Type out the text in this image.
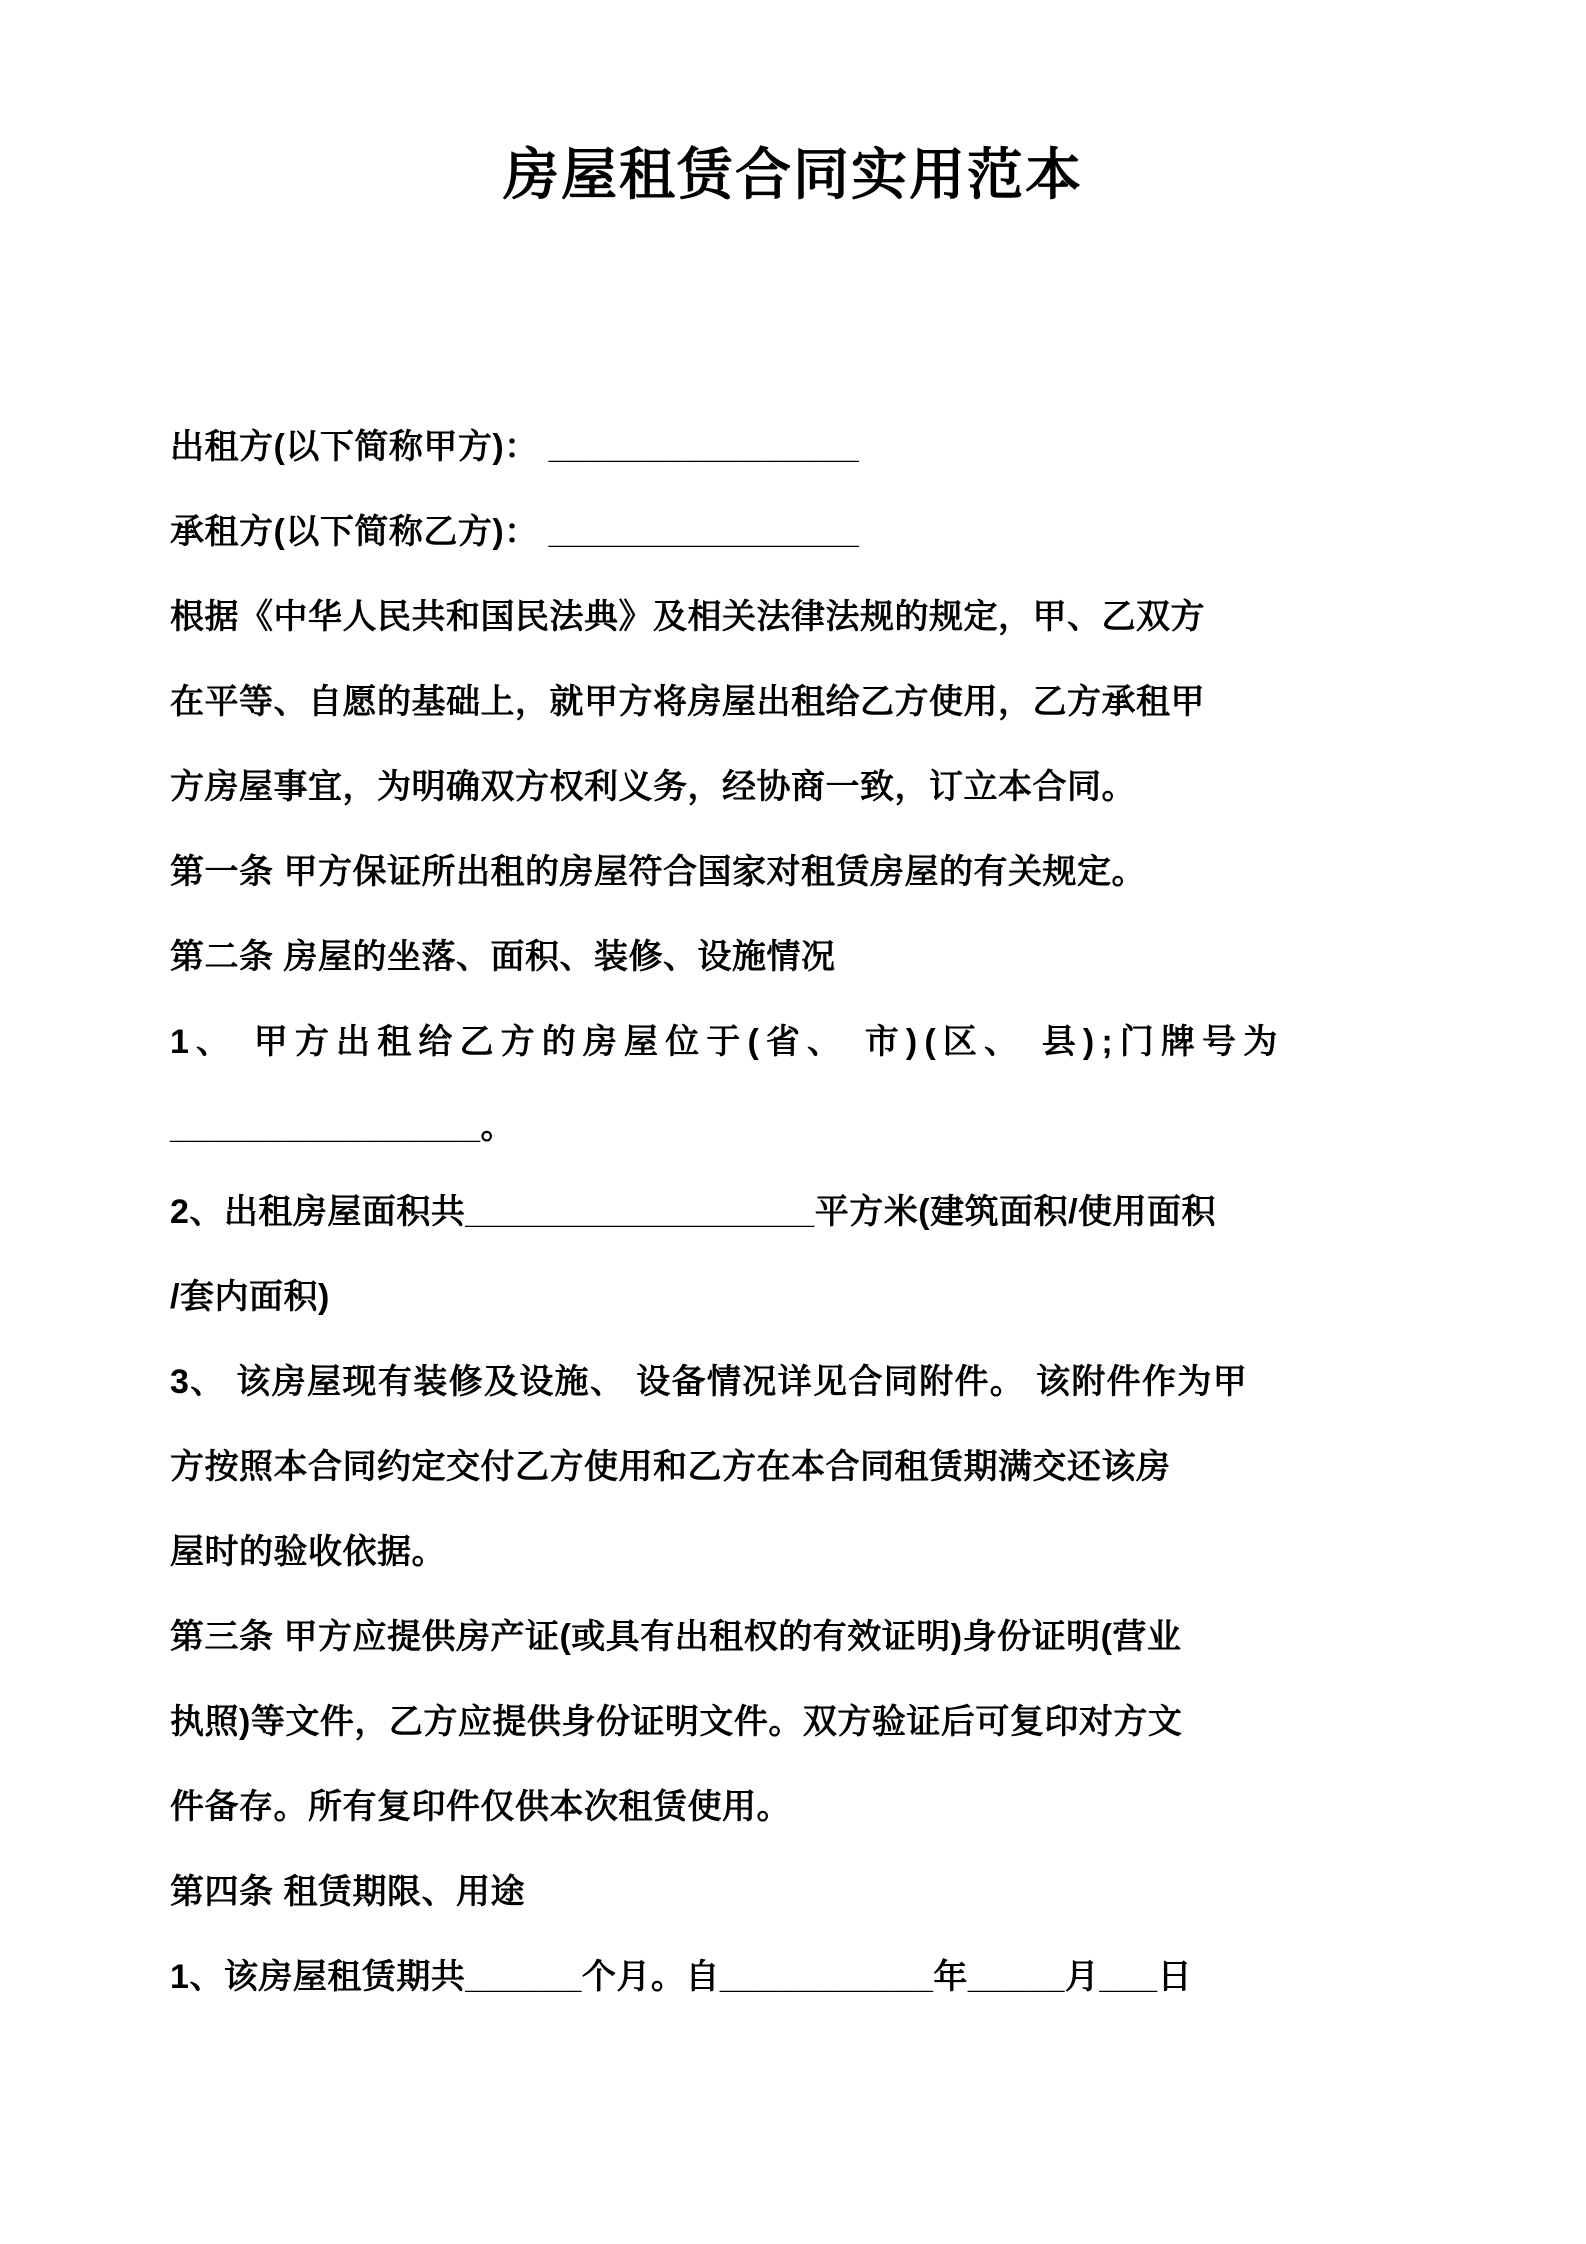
房屋租赁合同实用范本

出租方(以下简称甲方)： ________________

承租方(以下简称乙方)： ________________

根据《中华人民共和国民法典》及相关法律法规的规定，甲、乙双方

在平等、自愿的基础上，就甲方将房屋出租给乙方使用，乙方承租甲

方房屋事宜，为明确双方权利义务，经协商一致，订立本合同。

第一条 甲方保证所出租的房屋符合国家对租赁房屋的有关规定。

第二条 房屋的坐落、面积、装修、设施情况

1、 甲方出租给乙方的房屋位于(省、 市)(区、 县);门牌号为

________________。

2、出租房屋面积共__________________平方米(建筑面积/使用面积

/套内面积)

3、 该房屋现有装修及设施、 设备情况详见合同附件。 该附件作为甲

方按照本合同约定交付乙方使用和乙方在本合同租赁期满交还该房

屋时的验收依据。

第三条 甲方应提供房产证(或具有出租权的有效证明)身份证明(营业

执照)等文件，乙方应提供身份证明文件。双方验证后可复印对方文

件备存。所有复印件仅供本次租赁使用。

第四条 租赁期限、用途

1、该房屋租赁期共______个月。自___________年_____月___日
